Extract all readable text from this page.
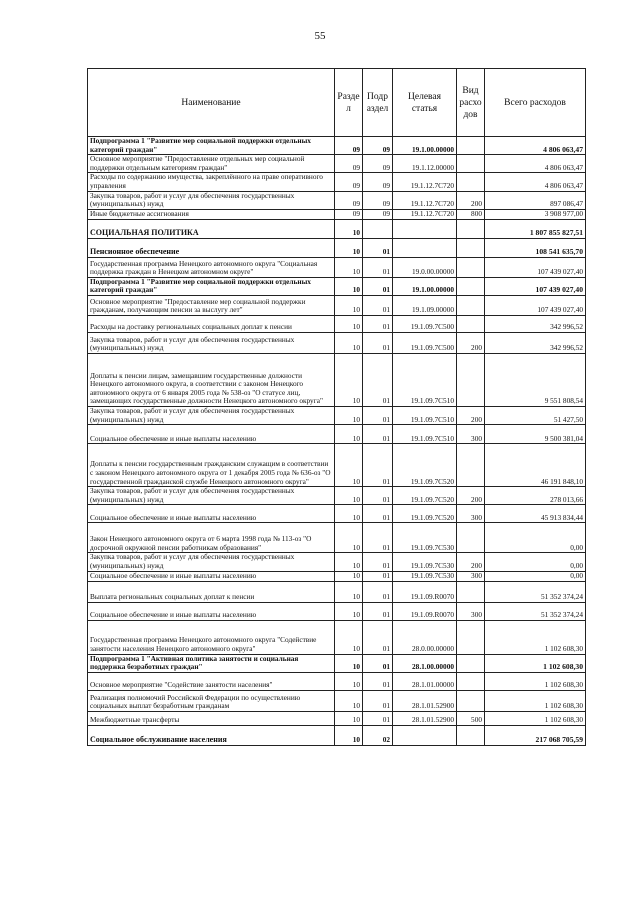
55
Наименование	Разде л	Подр аздел	Целевая статья	Вид расхо дов	Всего расходов
Подпрограмма 1 "Развитие мер социальной поддержки отдельных категорий граждан"	09	09	19.1.00.00000		4 806 063,47
Основное мероприятие "Предоставление отдельных мер социальной поддержки отдельным категориям граждан"	09	09	19.1.12.00000		4 806 063,47
Расходы по содержанию имущества, закреплённого на праве оперативного управления	09	09	19.1.12.7С720		4 806 063,47
Закупка товаров, работ и услуг для обеспечения государственных (муниципальных) нужд	09	09	19.1.12.7С720	200	897 086,47
Иные бюджетные ассигнования	09	09	19.1.12.7С720	800	3 908 977,00
СОЦИАЛЬНАЯ ПОЛИТИКА	10				1 807 855 827,51
Пенсионное обеспечение	10	01			108 541 635,70
Государственная программа Ненецкого автономного округа "Социальная поддержка граждан в Ненецком автономном округе"	10	01	19.0.00.00000		107 439 027,40
Подпрограмма 1 "Развитие мер социальной поддержки отдельных категорий граждан"	10	01	19.1.00.00000		107 439 027,40
Основное мероприятие "Предоставление мер социальной поддержки гражданам, получающим пенсии за выслугу лет"	10	01	19.1.09.00000		107 439 027,40
Расходы на доставку региональных социальных доплат к пенсии	10	01	19.1.09.7С500		342 996,52
Закупка товаров, работ и услуг для обеспечения государственных (муниципальных) нужд	10	01	19.1.09.7С500	200	342 996,52
Доплаты к пенсии лицам, замещавшим государственные должности Ненецкого автономного округа, в соответствии с законом Ненецкого автономного округа от 6 января 2005 года № 538-оз "О статусе лиц, замещающих государственные должности Ненецкого автономного округа"	10	01	19.1.09.7С510		9 551 808,54
Закупка товаров, работ и услуг для обеспечения государственных (муниципальных) нужд	10	01	19.1.09.7С510	200	51 427,50
Социальное обеспечение и иные выплаты населению	10	01	19.1.09.7С510	300	9 500 381,04
Доплаты к пенсии государственным гражданским служащим в соответствии с законом Ненецкого автономного округа от 1 декабря 2005 года № 636-оз "О государственной гражданской службе Ненецкого автономного округа"	10	01	19.1.09.7С520		46 191 848,10
Закупка товаров, работ и услуг для обеспечения государственных (муниципальных) нужд	10	01	19.1.09.7С520	200	278 013,66
Социальное обеспечение и иные выплаты населению	10	01	19.1.09.7С520	300	45 913 834,44
Закон Ненецкого автономного округа от 6 марта 1998 года № 113-оз "О досрочной окружной пенсии работникам образования"	10	01	19.1.09.7С530		0,00
Закупка товаров, работ и услуг для обеспечения государственных (муниципальных) нужд	10	01	19.1.09.7С530	200	0,00
Социальное обеспечение и иные выплаты населению	10	01	19.1.09.7С530	300	0,00
Выплата региональных социальных доплат к пенсии	10	01	19.1.09.R0070		51 352 374,24
Социальное обеспечение и иные выплаты населению	10	01	19.1.09.R0070	300	51 352 374,24
Государственная программа Ненецкого автономного округа "Содействие занятости населения Ненецкого автономного округа"	10	01	28.0.00.00000		1 102 608,30
Подпрограмма 1 "Активная политика занятости и социальная поддержка безработных граждан"	10	01	28.1.00.00000		1 102 608,30
Основное мероприятие "Содействие занятости населения"	10	01	28.1.01.00000		1 102 608,30
Реализация полномочий Российской Федерации по осуществлению социальных выплат безработным гражданам	10	01	28.1.01.52900		1 102 608,30
Межбюджетные трансферты	10	01	28.1.01.52900	500	1 102 608,30
Социальное обслуживание населения	10	02			217 068 705,59
